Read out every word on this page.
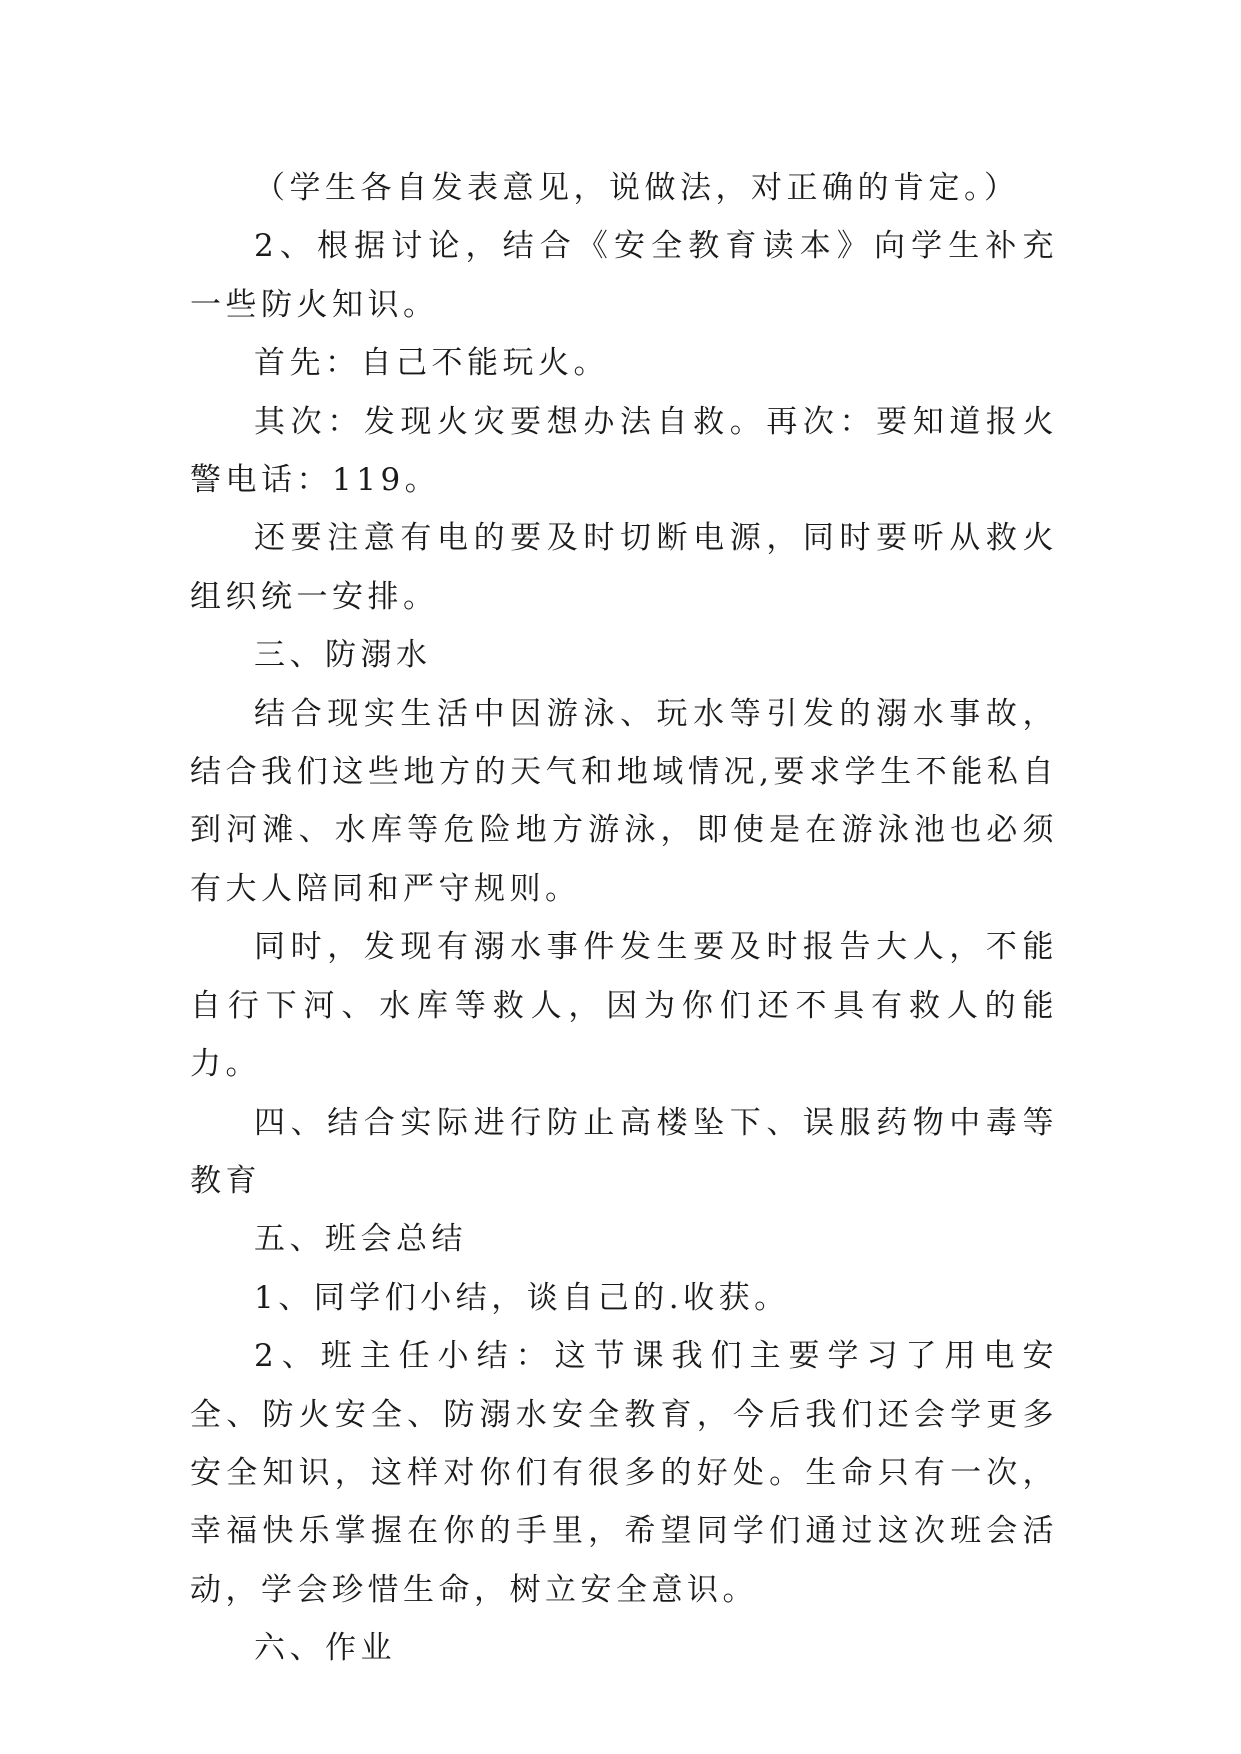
（学生各自发表意见，说做法，对正确的肯定。）

2、根据讨论，结合《安全教育读本》向学生补充一些防火知识。

首先：自己不能玩火。

其次：发现火灾要想办法自救。再次：要知道报火警电话：119。

还要注意有电的要及时切断电源，同时要听从救火组织统一安排。

三、防溺水

结合现实生活中因游泳、玩水等引发的溺水事故，结合我们这些地方的天气和地域情况,要求学生不能私自到河滩、水库等危险地方游泳，即使是在游泳池也必须有大人陪同和严守规则。

同时，发现有溺水事件发生要及时报告大人，不能自行下河、水库等救人，因为你们还不具有救人的能力。

四、结合实际进行防止高楼坠下、误服药物中毒等教育

五、班会总结

1、同学们小结，谈自己的.收获。

2、班主任小结：这节课我们主要学习了用电安全、防火安全、防溺水安全教育，今后我们还会学更多安全知识，这样对你们有很多的好处。生命只有一次，幸福快乐掌握在你的手里，希望同学们通过这次班会活动，学会珍惜生命，树立安全意识。

六、作业
